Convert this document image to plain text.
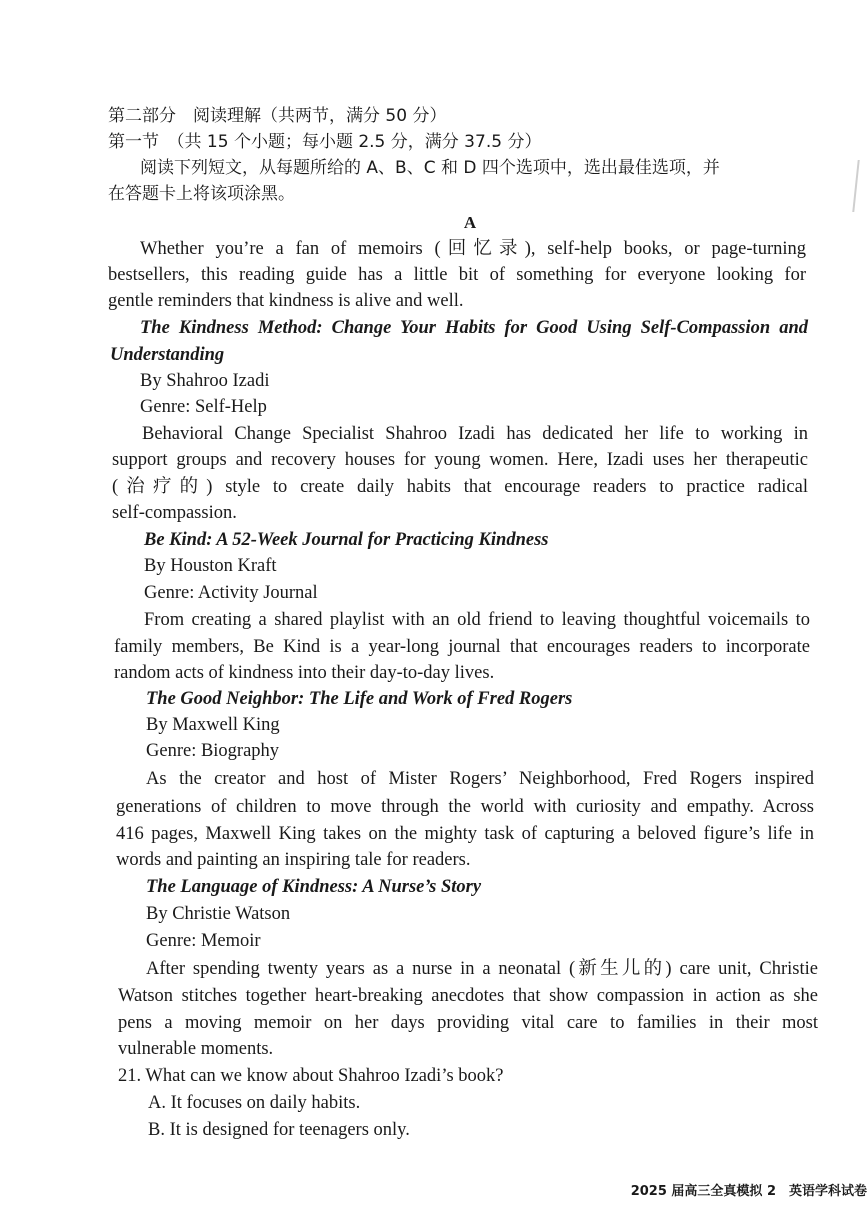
第二部分　阅读理解（共两节，满分 50 分）
第一节　（共 15 个小题；每小题 2.5 分，满分 37.5 分）
阅读下列短文，从每题所给的 A、B、C 和 D 四个选项中，选出最佳选项，并
在答题卡上将该项涂黑。
A
Whether you’re a fan of memoirs (回忆录), self-help books, or page-turning
bestsellers, this reading guide has a little bit of something for everyone looking for
gentle reminders that kindness is alive and well.
The Kindness Method: Change Your Habits for Good Using Self-Compassion and
Understanding
By Shahroo Izadi
Genre: Self-Help
Behavioral Change Specialist Shahroo Izadi has dedicated her life to working in
support groups and recovery houses for young women. Here, Izadi uses her therapeutic
(治疗的) style to create daily habits that encourage readers to practice radical
self-compassion.
Be Kind: A 52-Week Journal for Practicing Kindness
By Houston Kraft
Genre: Activity Journal
From creating a shared playlist with an old friend to leaving thoughtful voicemails to
family members, Be Kind is a year-long journal that encourages readers to incorporate
random acts of kindness into their day-to-day lives.
The Good Neighbor: The Life and Work of Fred Rogers
By Maxwell King
Genre: Biography
As the creator and host of Mister Rogers’ Neighborhood, Fred Rogers inspired
generations of children to move through the world with curiosity and empathy. Across
416 pages, Maxwell King takes on the mighty task of capturing a beloved figure’s life in
words and painting an inspiring tale for readers.
The Language of Kindness: A Nurse’s Story
By Christie Watson
Genre: Memoir
After spending twenty years as a nurse in a neonatal (新生儿的) care unit, Christie
Watson stitches together heart-breaking anecdotes that show compassion in action as she
pens a moving memoir on her days providing vital care to families in their most
vulnerable moments.
21. What can we know about Shahroo Izadi’s book?
A. It focuses on daily habits.
B. It is designed for teenagers only.
2025 届高三全真模拟 2　英语学科试卷
